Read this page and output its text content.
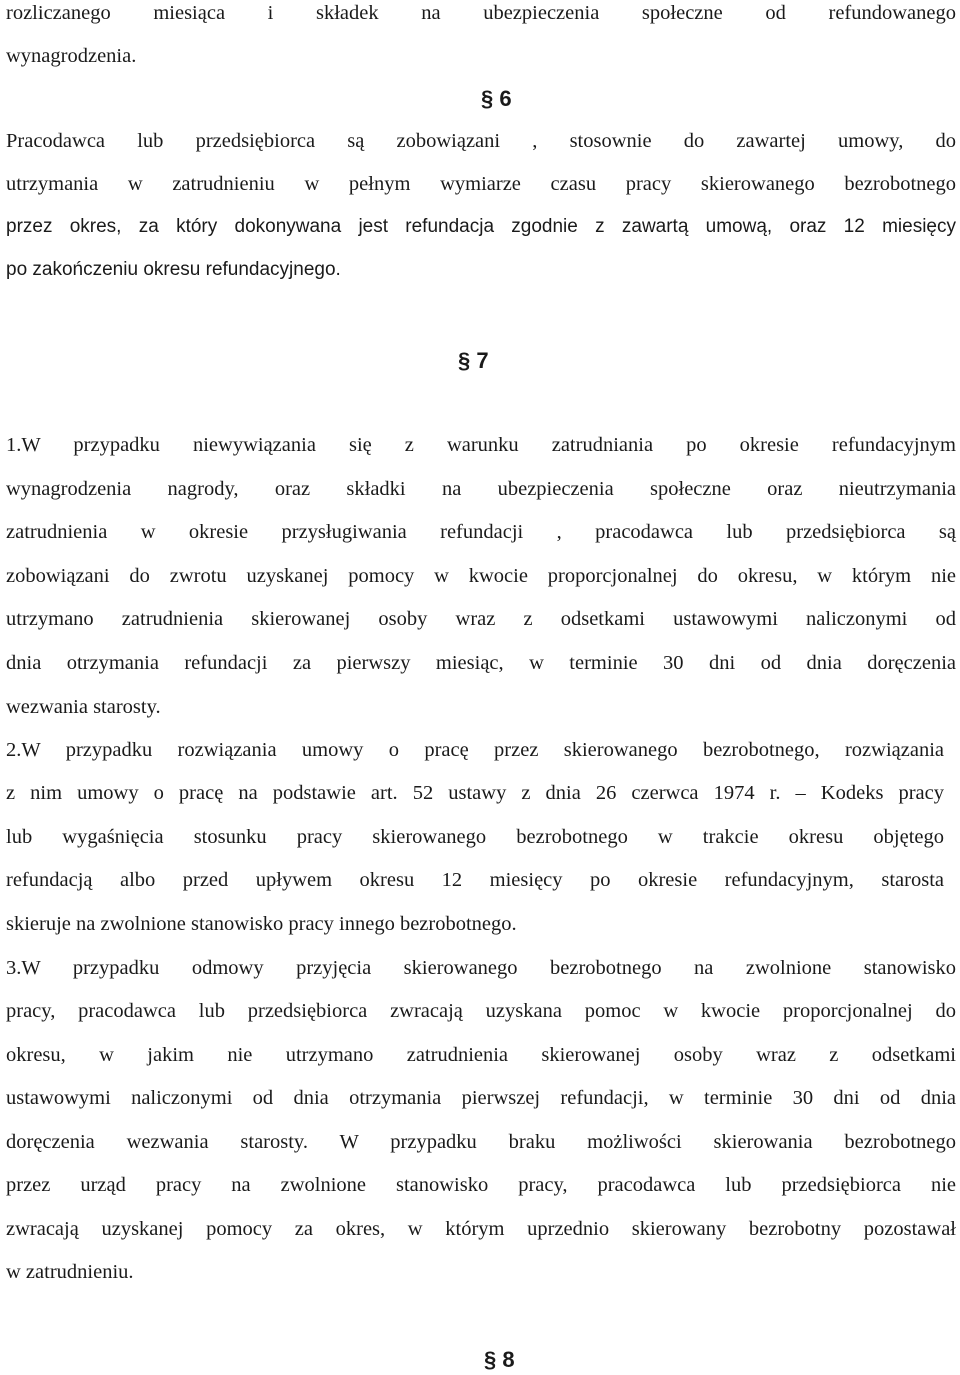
rozliczanego miesiąca i składek na ubezpieczenia społeczne od refundowanego
wynagrodzenia.
§ 6
Pracodawca lub przedsiębiorca są zobowiązani , stosownie do zawartej umowy, do
utrzymania w zatrudnieniu w pełnym wymiarze czasu pracy skierowanego bezrobotnego
przez okres, za który dokonywana jest refundacja zgodnie z zawartą umową, oraz 12 miesięcy
po zakończeniu okresu refundacyjnego.
§ 7
1.W przypadku niewywiązania się z warunku zatrudniania po okresie refundacyjnym
wynagrodzenia nagrody, oraz składki na ubezpieczenia społeczne oraz nieutrzymania
zatrudnienia w okresie przysługiwania refundacji , pracodawca lub przedsiębiorca są
zobowiązani do zwrotu uzyskanej pomocy w kwocie proporcjonalnej do okresu, w którym nie
utrzymano zatrudnienia skierowanej osoby wraz z odsetkami ustawowymi naliczonymi od
dnia otrzymania refundacji za pierwszy miesiąc, w terminie 30 dni od dnia doręczenia
wezwania starosty.
2.W przypadku rozwiązania umowy o pracę przez skierowanego bezrobotnego, rozwiązania
z nim umowy o pracę na podstawie art. 52 ustawy z dnia 26 czerwca 1974 r. – Kodeks pracy
lub wygaśnięcia stosunku pracy skierowanego bezrobotnego w trakcie okresu objętego
refundacją albo przed upływem okresu 12 miesięcy po okresie refundacyjnym, starosta
skieruje na zwolnione stanowisko pracy innego bezrobotnego.
3.W przypadku odmowy przyjęcia skierowanego bezrobotnego na zwolnione stanowisko
pracy, pracodawca lub przedsiębiorca zwracają uzyskana pomoc w kwocie proporcjonalnej do
okresu, w jakim nie utrzymano zatrudnienia skierowanej osoby wraz z odsetkami
ustawowymi naliczonymi od dnia otrzymania pierwszej refundacji, w terminie 30 dni od dnia
doręczenia wezwania starosty. W przypadku braku możliwości skierowania bezrobotnego
przez urząd pracy na zwolnione stanowisko pracy, pracodawca lub przedsiębiorca nie
zwracają uzyskanej pomocy za okres, w którym uprzednio skierowany bezrobotny pozostawał
w zatrudnieniu.
§ 8
